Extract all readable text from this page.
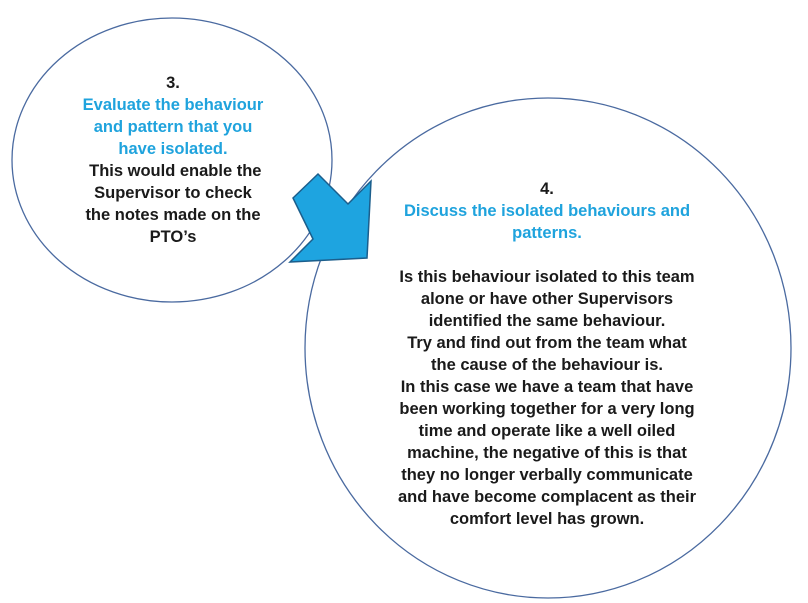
3.
Evaluate the behaviour
and pattern that you
have isolated.
This would enable the
Supervisor to check
the notes made on the
PTO’s
4.
Discuss the isolated behaviours and
patterns.
Is this behaviour isolated to this team
alone or have other Supervisors
identified the same behaviour.
Try and find out from the team what
the cause of the behaviour is.
In this case we have a team that have
been working together for a very long
time and operate like a well oiled
machine, the negative of this is that
they no longer verbally communicate
and have become complacent as their
comfort level has grown.
